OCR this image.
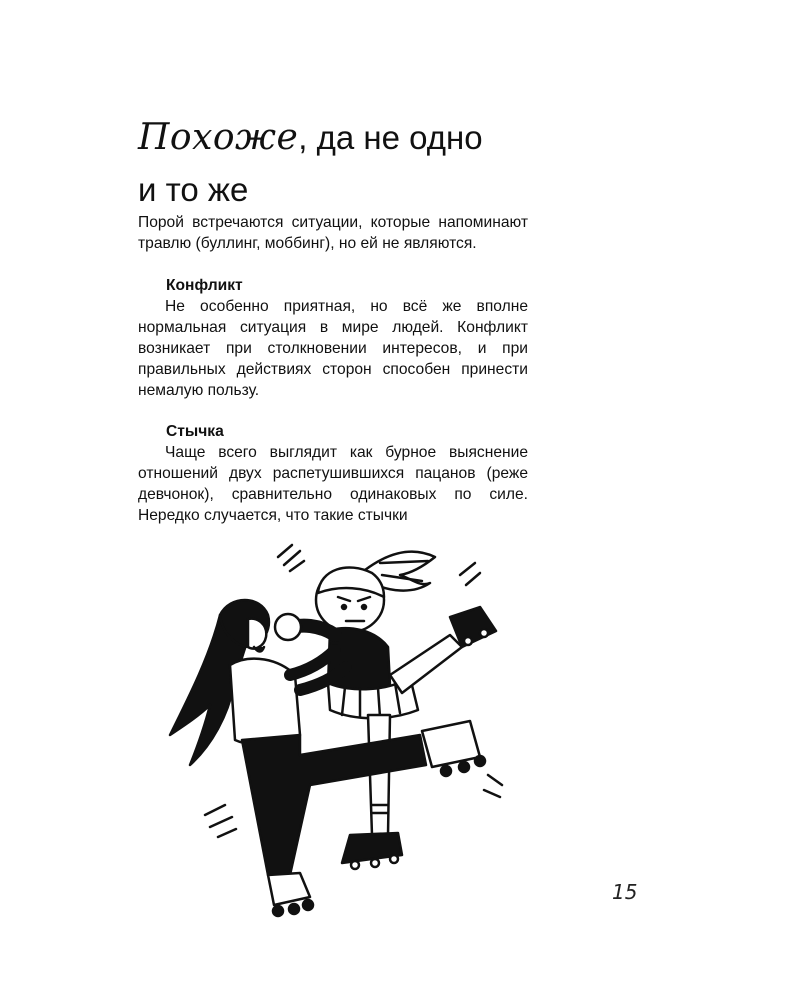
Похоже, да не одно
и то же
Порой встречаются ситуации, которые напоминают травлю (буллинг, моббинг), но ей не являются.
Конфликт
Не особенно приятная, но всё же вполне нормальная ситуация в мире людей. Конфликт возникает при столкновении интересов, и при правильных действиях сторон способен принести немалую пользу.
Стычка
Чаще всего выглядит как бурное выяснение отношений двух распетушившихся пацанов (реже девчонок), сравнительно одинаковых по силе. Нередко случается, что такие стычки
15
